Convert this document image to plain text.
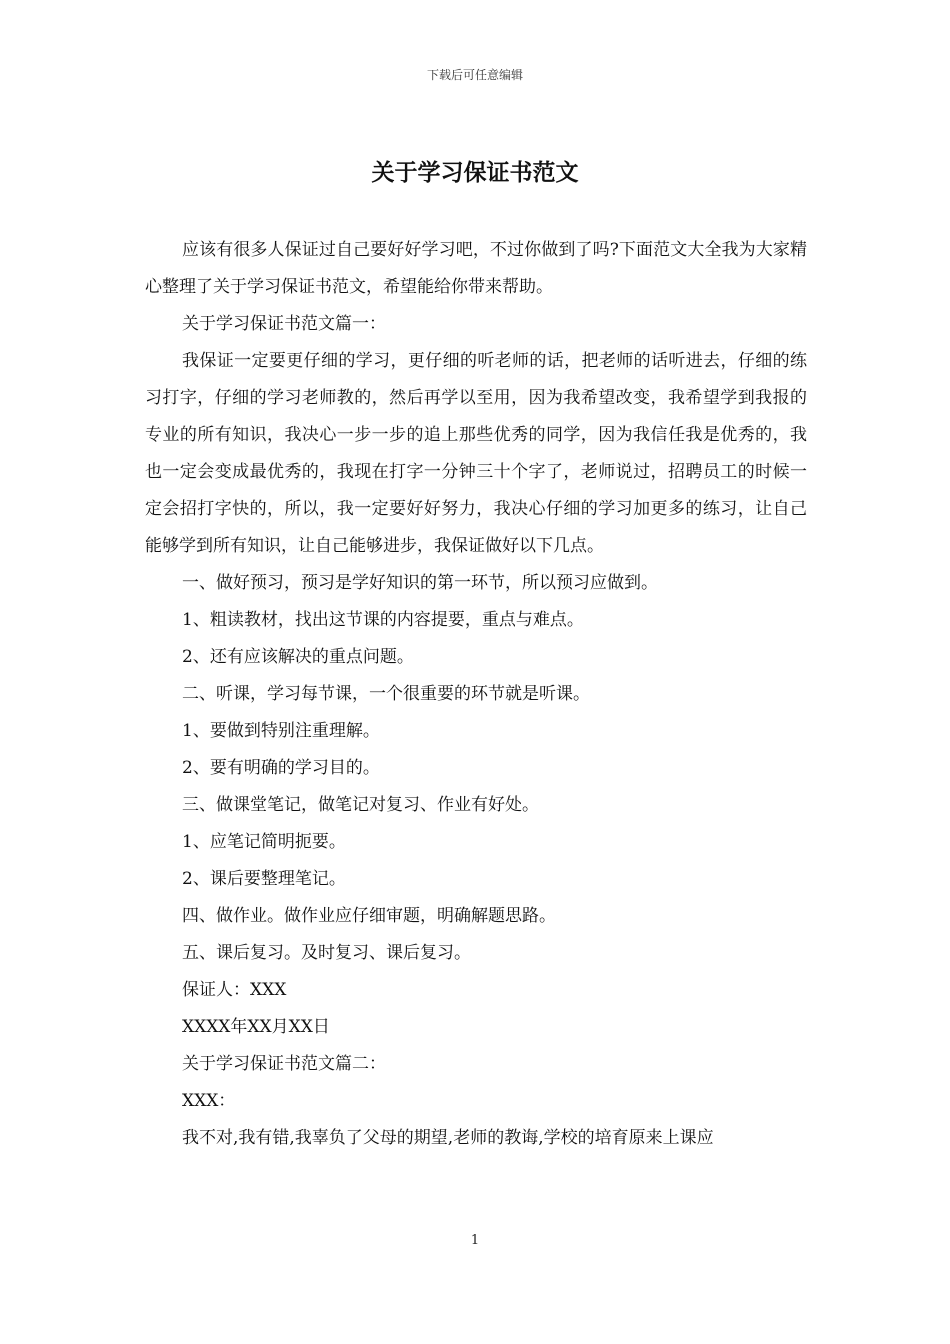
下载后可任意编辑
关于学习保证书范文

应该有很多人保证过自己要好好学习吧，不过你做到了吗?下面范文大全我为大家精心整理了关于学习保证书范文，希望能给你带来帮助。

关于学习保证书范文篇一：

我保证一定要更仔细的学习，更仔细的听老师的话，把老师的话听进去，仔细的练习打字，仔细的学习老师教的，然后再学以至用，因为我希望改变，我希望学到我报的专业的所有知识，我决心一步一步的追上那些优秀的同学，因为我信任我是优秀的，我也一定会变成最优秀的，我现在打字一分钟三十个字了，老师说过，招聘员工的时候一定会招打字快的，所以，我一定要好好努力，我决心仔细的学习加更多的练习，让自己能够学到所有知识，让自己能够进步，我保证做好以下几点。

一、做好预习，预习是学好知识的第一环节，所以预习应做到。

1、粗读教材，找出这节课的内容提要，重点与难点。

2、还有应该解决的重点问题。

二、听课，学习每节课，一个很重要的环节就是听课。

1、要做到特别注重理解。

2、要有明确的学习目的。

三、做课堂笔记，做笔记对复习、作业有好处。

1、应笔记简明扼要。

2、课后要整理笔记。

四、做作业。做作业应仔细审题，明确解题思路。

五、课后复习。及时复习、课后复习。

保证人：XXX

XXXX年XX月XX日

关于学习保证书范文篇二：

XXX：

我不对,我有错,我辜负了父母的期望,老师的教诲,学校的培育原来上课应

1
